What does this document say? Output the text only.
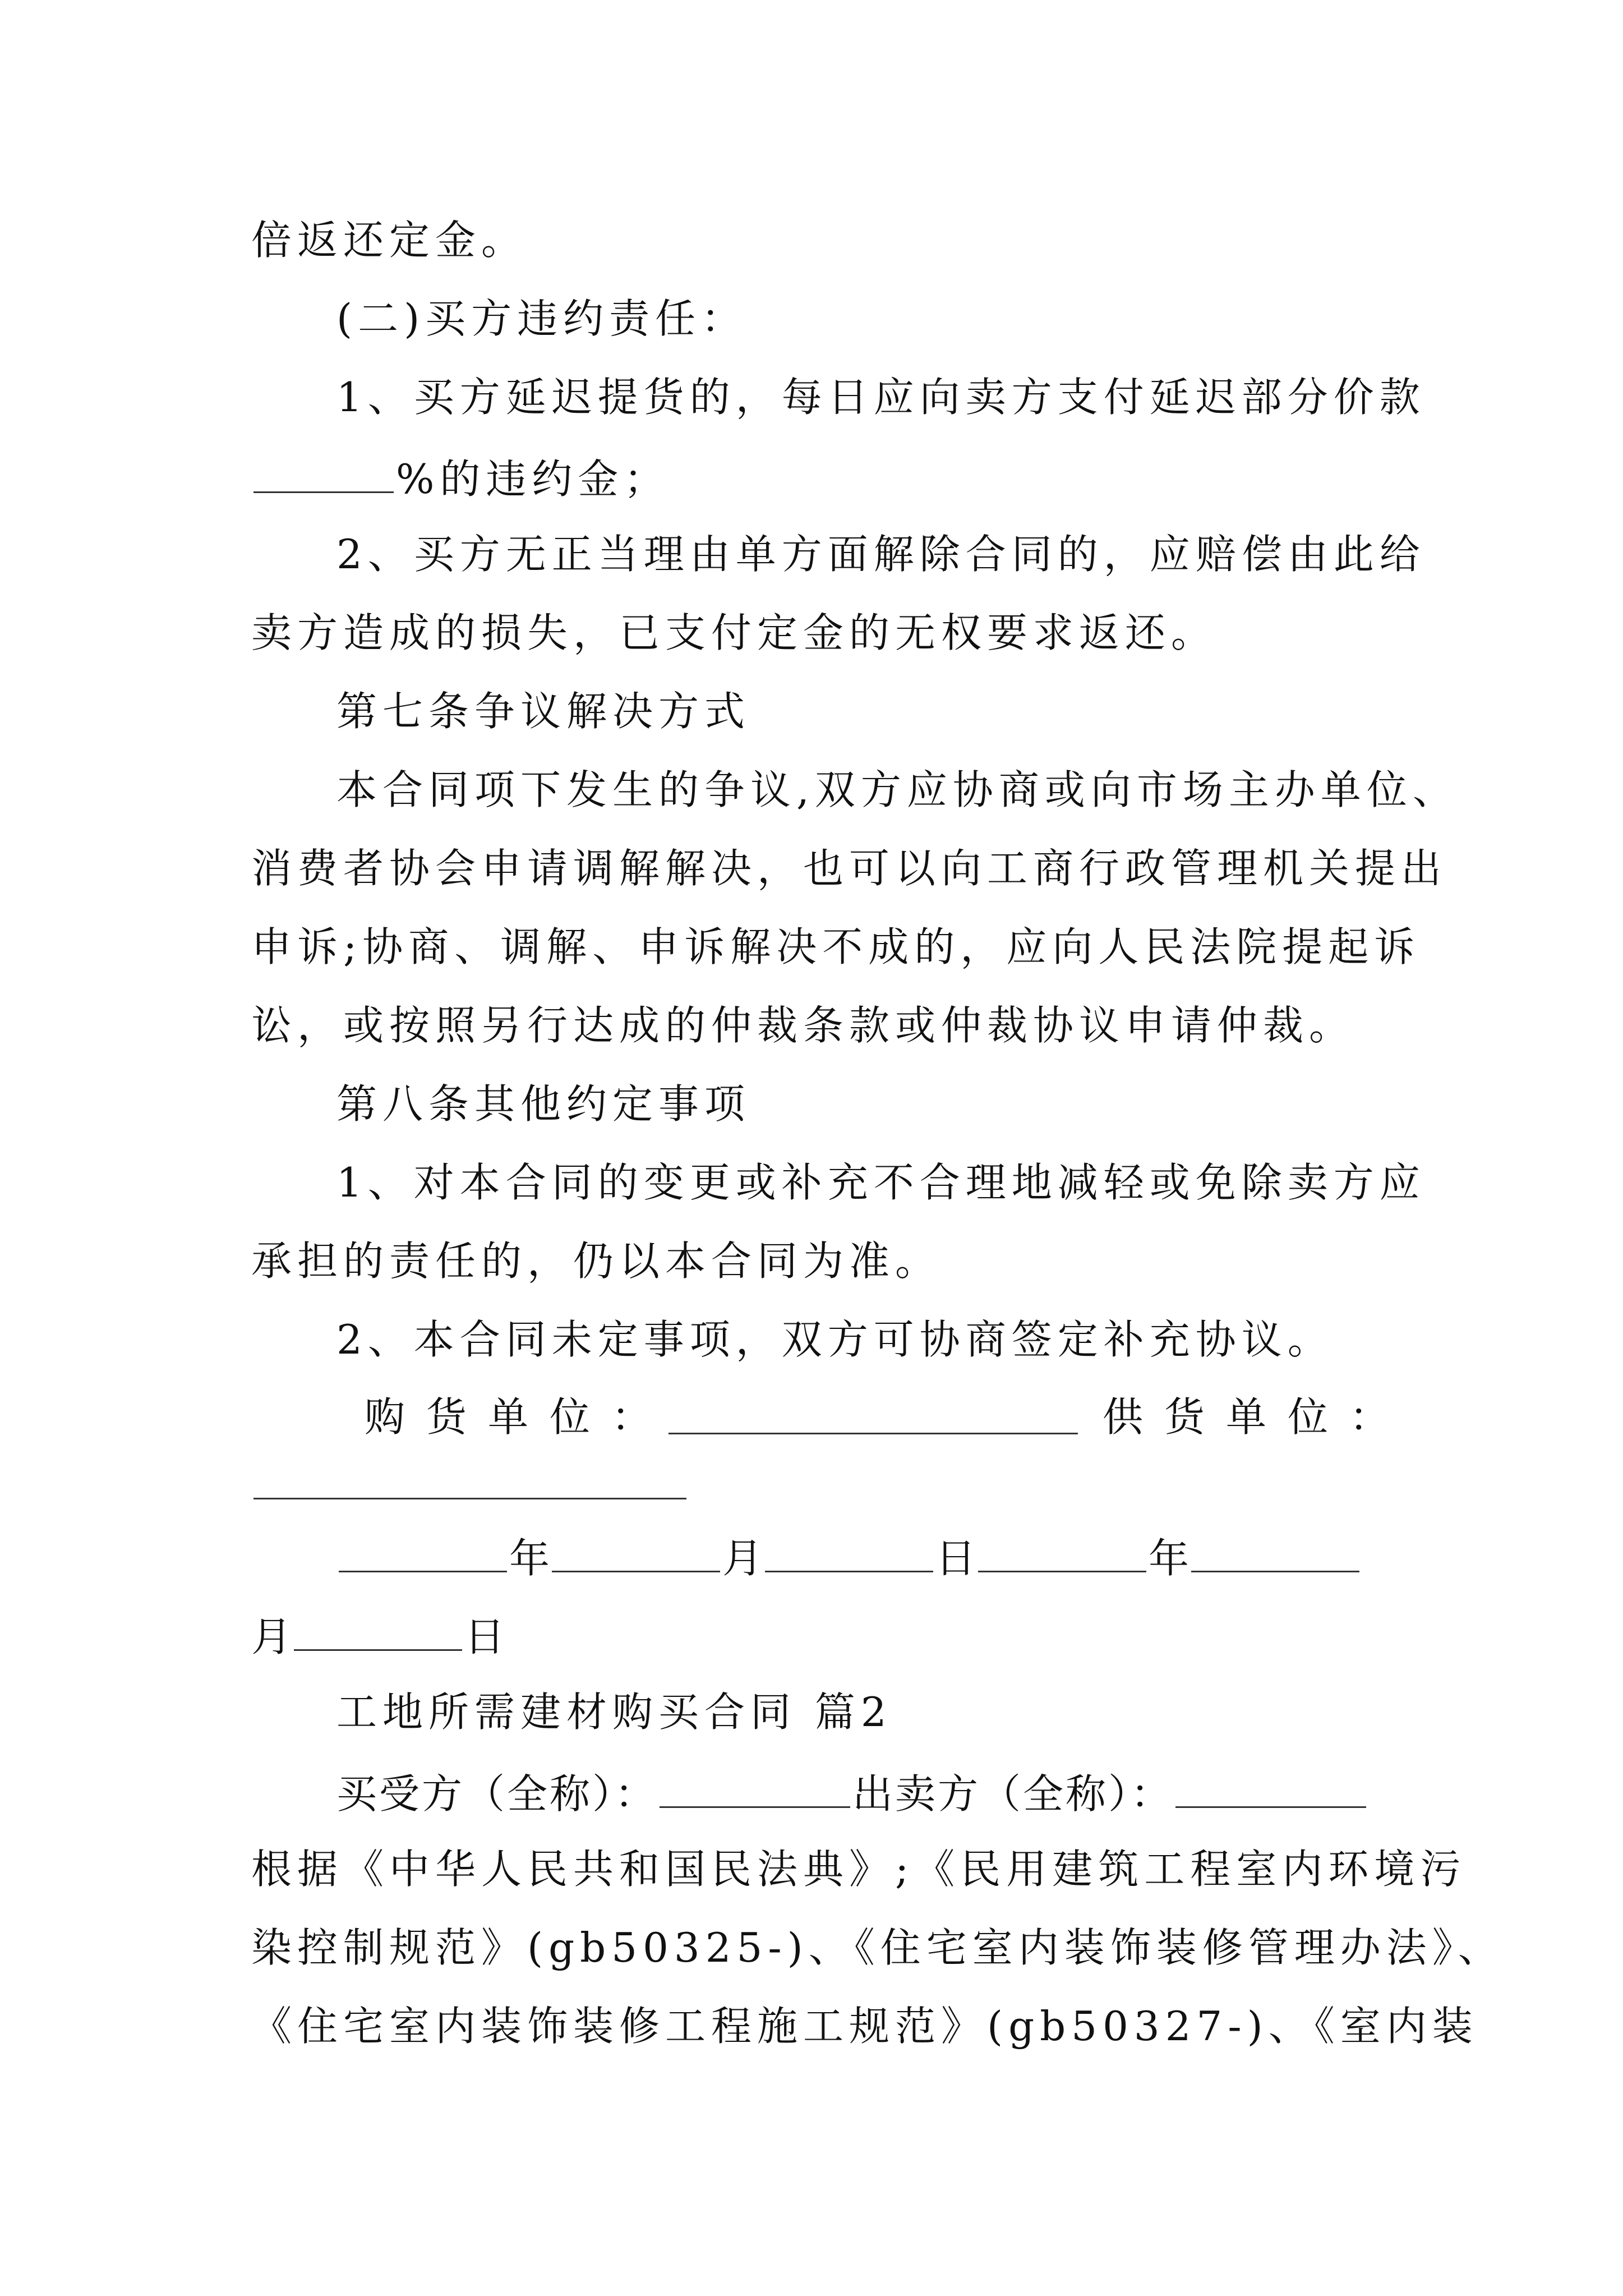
倍返还定金。
(二)买方违约责任：
1、买方延迟提货的，每日应向卖方支付延迟部分价款
%的违约金；
2、买方无正当理由单方面解除合同的，应赔偿由此给
卖方造成的损失，已支付定金的无权要求返还。
第七条争议解决方式
本合同项下发生的争议,双方应协商或向市场主办单位、
消费者协会申请调解解决，也可以向工商行政管理机关提出
申诉;协商、调解、申诉解决不成的，应向人民法院提起诉
讼，或按照另行达成的仲裁条款或仲裁协议申请仲裁。
第八条其他约定事项
1、对本合同的变更或补充不合理地减轻或免除卖方应
承担的责任的，仍以本合同为准。
2、本合同未定事项，双方可协商签定补充协议。
购货单位：	供货单位：
年	月	日	年
月	日
工地所需建材购买合同 篇2
买受方（全称）：	出卖方（全称）：
根据《中华人民共和国民法典》;《民用建筑工程室内环境污
染控制规范》(gb50325-)、《住宅室内装饰装修管理办法》、
《住宅室内装饰装修工程施工规范》(gb50327-)、《室内装
